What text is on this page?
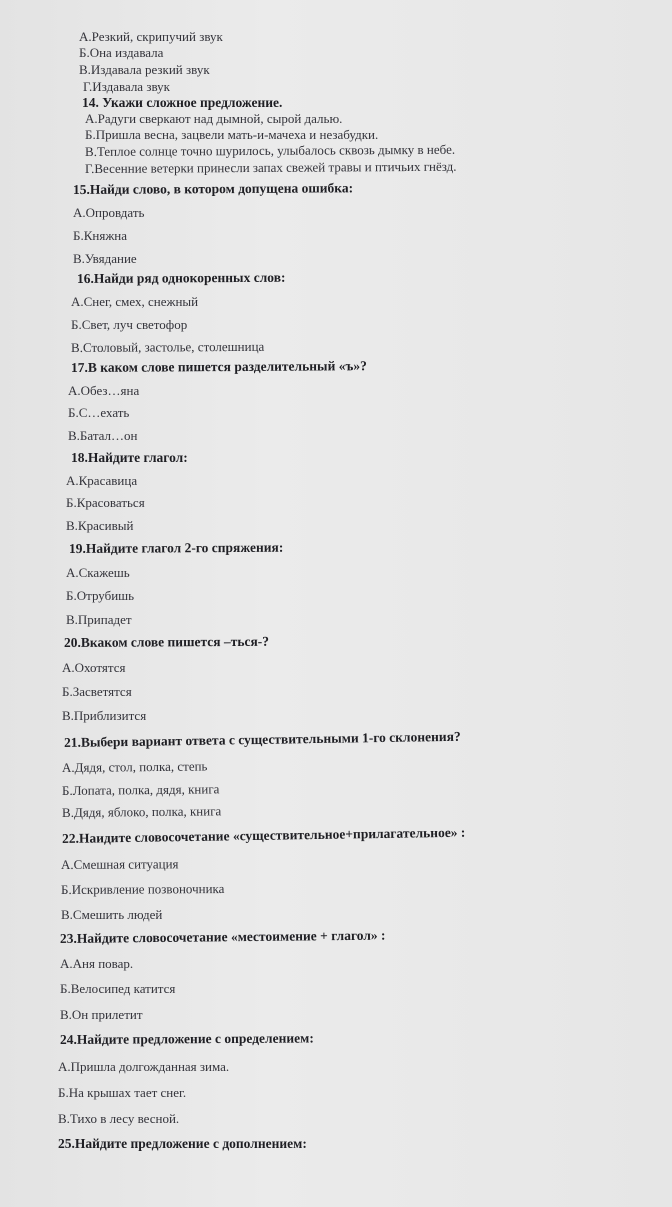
А.Резкий, скрипучий звук
Б.Она издавала
В.Издавала резкий звук
Г.Издавала звук
14. Укажи сложное предложение.
А.Радуги сверкают над дымной, сырой далью.
Б.Пришла весна, зацвели мать-и-мачеха и незабудки.
В.Теплое солнце точно шурилось, улыбалось сквозь дымку в небе.
Г.Весенние ветерки принесли запах свежей травы и птичьих гнёзд.
15.Найди слово, в котором допущена ошибка:
А.Опровдать
Б.Княжна
В.Увядание
16.Найди ряд однокоренных слов:
А.Снег, смех, снежный
Б.Свет, луч светофор
В.Столовый, застолье, столешница
17.В каком слове пишется разделительный «ъ»?
А.Обез…яна
Б.С…ехать
В.Батал…он
18.Найдите глагол:
А.Красавица
Б.Красоваться
В.Красивый
19.Найдите глагол 2-го спряжения:
А.Скажешь
Б.Отрубишь
В.Припадет
20.Вкаком слове пишется –ться-?
А.Охотятся
Б.Засветятся
В.Приблизится
21.Выбери вариант ответа с существительными 1-го склонения?
А.Дядя, стол, полка, степь
Б.Лопата, полка, дядя, книга
В.Дядя, яблоко, полка, книга
22.Наидите словосочетание «существительное+прилагательное» :
А.Смешная ситуация
Б.Искривление позвоночника
В.Смешить людей
23.Найдите словосочетание «местоимение + глагол» :
А.Аня повар.
Б.Велосипед катится
В.Он прилетит
24.Найдите предложение с определением:
А.Пришла долгожданная зима.
Б.На крышах тает снег.
В.Тихо в лесу весной.
25.Найдите предложение с дополнением:
